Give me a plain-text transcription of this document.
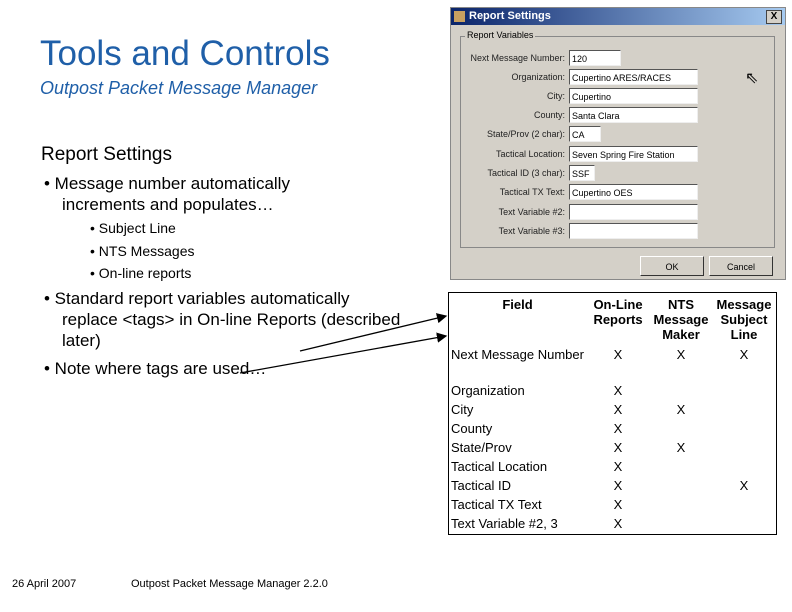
Tools and Controls
Outpost Packet Message Manager
Report Settings
• Message number automatically increments and populates…
• Subject Line
• NTS Messages
• On-line reports
• Standard report variables automatically replace <tags> in On-line Reports (described later)
• Note where tags are used…
Report Settings	X
Report Variables
Next Message Number: 120
Organization: Cupertino ARES/RACES
City: Cupertino
County: Santa Clara
State/Prov (2 char): CA
Tactical Location: Seven Spring Fire Station
Tactical ID (3 char): SSF
Tactical TX Text: Cupertino OES
Text Variable #2:
Text Variable #3:
⇖
OK	Cancel
Field	On-Line Reports	NTS Message Maker	Message Subject Line
Next Message Number	X	X	X
Organization	X		
City	X	X	
County	X		
State/Prov	X	X	
Tactical Location	X		
Tactical ID	X		X
Tactical TX Text	X		
Text Variable #2, 3	X		
26 April 2007	Outpost Packet Message Manager 2.2.0
